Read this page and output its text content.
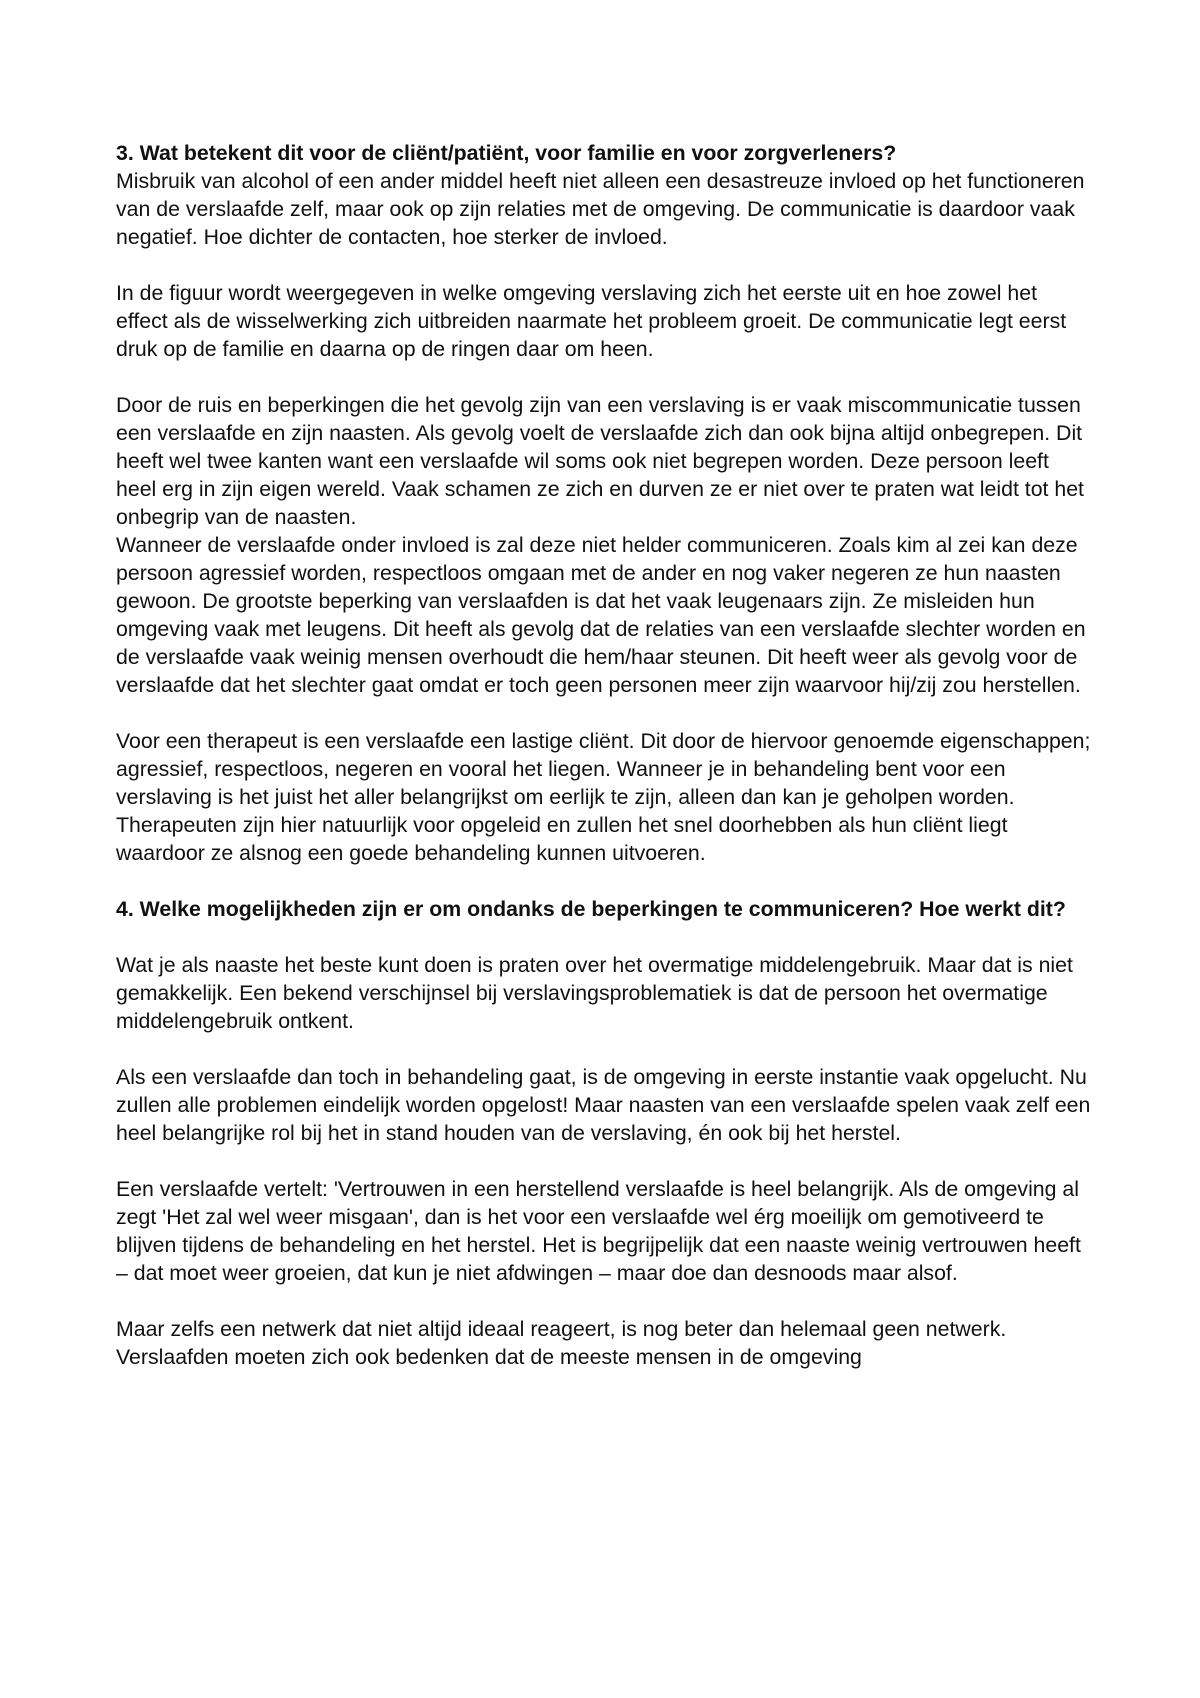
3. Wat betekent dit voor de cliënt/patiënt, voor familie en voor zorgverleners?

Misbruik van alcohol of een ander middel heeft niet alleen een desastreuze invloed op het functioneren van de verslaafde zelf, maar ook op zijn relaties met de omgeving. De communicatie is daardoor vaak negatief. Hoe dichter de contacten, hoe sterker de invloed.

In de figuur wordt weergegeven in welke omgeving verslaving zich het eerste uit en hoe zowel het effect als de wisselwerking zich uitbreiden naarmate het probleem groeit. De communicatie legt eerst druk op de familie en daarna op de ringen daar om heen.

Door de ruis en beperkingen die het gevolg zijn van een verslaving is er vaak miscommunicatie tussen een verslaafde en zijn naasten. Als gevolg voelt de verslaafde zich dan ook bijna altijd onbegrepen. Dit heeft wel twee kanten want een verslaafde wil soms ook niet begrepen worden. Deze persoon leeft heel erg in zijn eigen wereld. Vaak schamen ze zich en durven ze er niet over te praten wat leidt tot het onbegrip van de naasten.

Wanneer de verslaafde onder invloed is zal deze niet helder communiceren. Zoals kim al zei kan deze persoon agressief worden, respectloos omgaan met de ander en nog vaker negeren ze hun naasten gewoon. De grootste beperking van verslaafden is dat het vaak leugenaars zijn. Ze misleiden hun omgeving vaak met leugens. Dit heeft als gevolg dat de relaties van een verslaafde slechter worden en de verslaafde vaak weinig mensen overhoudt die hem/haar steunen. Dit heeft weer als gevolg voor de verslaafde dat het slechter gaat omdat er toch geen personen meer zijn waarvoor hij/zij zou herstellen.

Voor een therapeut is een verslaafde een lastige cliënt. Dit door de hiervoor genoemde eigenschappen; agressief, respectloos, negeren en vooral het liegen. Wanneer je in behandeling bent voor een verslaving is het juist het aller belangrijkst om eerlijk te zijn, alleen dan kan je geholpen worden. Therapeuten zijn hier natuurlijk voor opgeleid en zullen het snel doorhebben als hun cliënt liegt waardoor ze alsnog een goede behandeling kunnen uitvoeren.

4. Welke mogelijkheden zijn er om ondanks de beperkingen te communiceren? Hoe werkt dit?

Wat je als naaste het beste kunt doen is praten over het overmatige middelengebruik. Maar dat is niet gemakkelijk. Een bekend verschijnsel bij verslavingsproblematiek is dat de persoon het overmatige middelengebruik ontkent.

Als een verslaafde dan toch in behandeling gaat, is de omgeving in eerste instantie vaak opgelucht. Nu zullen alle problemen eindelijk worden opgelost! Maar naasten van een verslaafde spelen vaak zelf een heel belangrijke rol bij het in stand houden van de verslaving, én ook bij het herstel.

Een verslaafde vertelt: 'Vertrouwen in een herstellend verslaafde is heel belangrijk. Als de omgeving al zegt 'Het zal wel weer misgaan', dan is het voor een verslaafde wel érg moeilijk om gemotiveerd te blijven tijdens de behandeling en het herstel. Het is begrijpelijk dat een naaste weinig vertrouwen heeft – dat moet weer groeien, dat kun je niet afdwingen – maar doe dan desnoods maar alsof.

Maar zelfs een netwerk dat niet altijd ideaal reageert, is nog beter dan helemaal geen netwerk. Verslaafden moeten zich ook bedenken dat de meeste mensen in de omgeving
